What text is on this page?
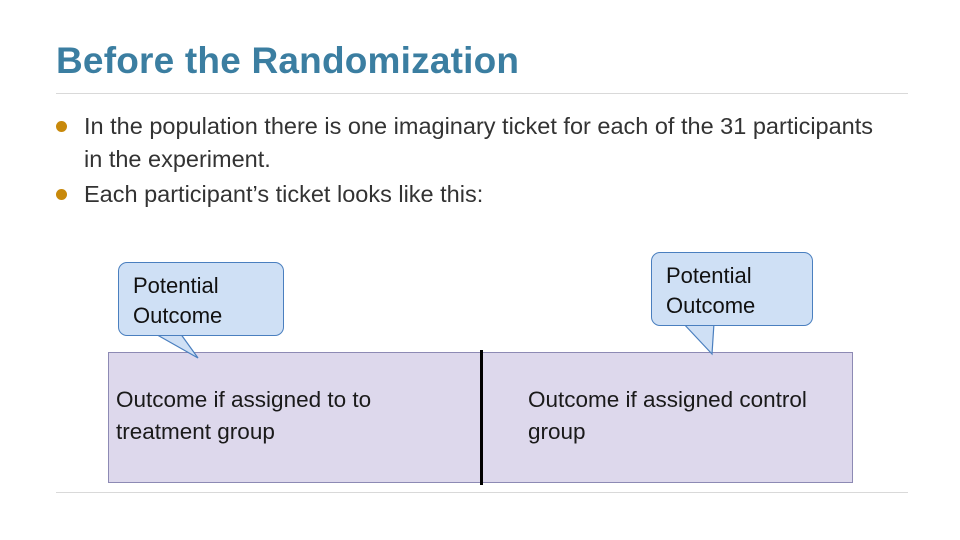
Before the Randomization
In the population there is one imaginary ticket for each of the 31 participants in the experiment.
Each participant’s ticket looks like this:
Outcome if assigned to to treatment group
Outcome if assigned control group
Potential Outcome
Potential Outcome
